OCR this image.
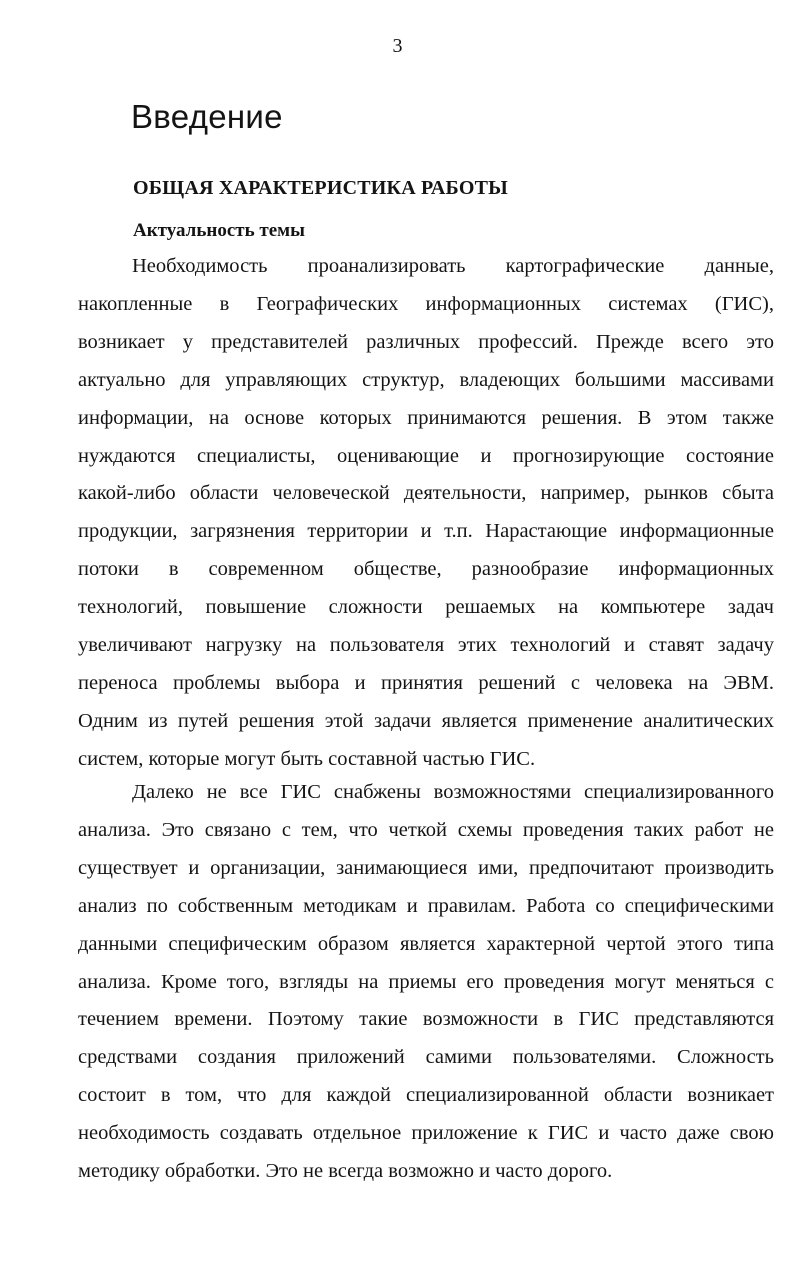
3
Введение
ОБЩАЯ ХАРАКТЕРИСТИКА РАБОТЫ
Актуальность темы
Необходимость проанализировать картографические данные,
накопленные в Географических информационных системах (ГИС),
возникает у представителей различных профессий. Прежде всего это
актуально для управляющих структур, владеющих большими массивами
информации, на основе которых принимаются решения. В этом также
нуждаются специалисты, оценивающие и прогнозирующие состояние
какой-либо области человеческой деятельности, например, рынков сбыта
продукции, загрязнения территории и т.п. Нарастающие информационные
потоки в современном обществе, разнообразие информационных
технологий, повышение сложности решаемых на компьютере задач
увеличивают нагрузку на пользователя этих технологий и ставят задачу
переноса проблемы выбора и принятия решений с человека на ЭВМ.
Одним из путей решения этой задачи является применение аналитических
систем, которые могут быть составной частью ГИС.
Далеко не все ГИС снабжены возможностями специализированного
анализа. Это связано с тем, что четкой схемы проведения таких работ не
существует и организации, занимающиеся ими, предпочитают производить
анализ по собственным методикам и правилам. Работа со специфическими
данными специфическим образом является характерной чертой этого типа
анализа. Кроме того, взгляды на приемы его проведения могут меняться с
течением времени. Поэтому такие возможности в ГИС представляются
средствами создания приложений самими пользователями. Сложность
состоит в том, что для каждой специализированной области возникает
необходимость создавать отдельное приложение к ГИС и часто даже свою
методику обработки. Это не всегда возможно и часто дорого.
